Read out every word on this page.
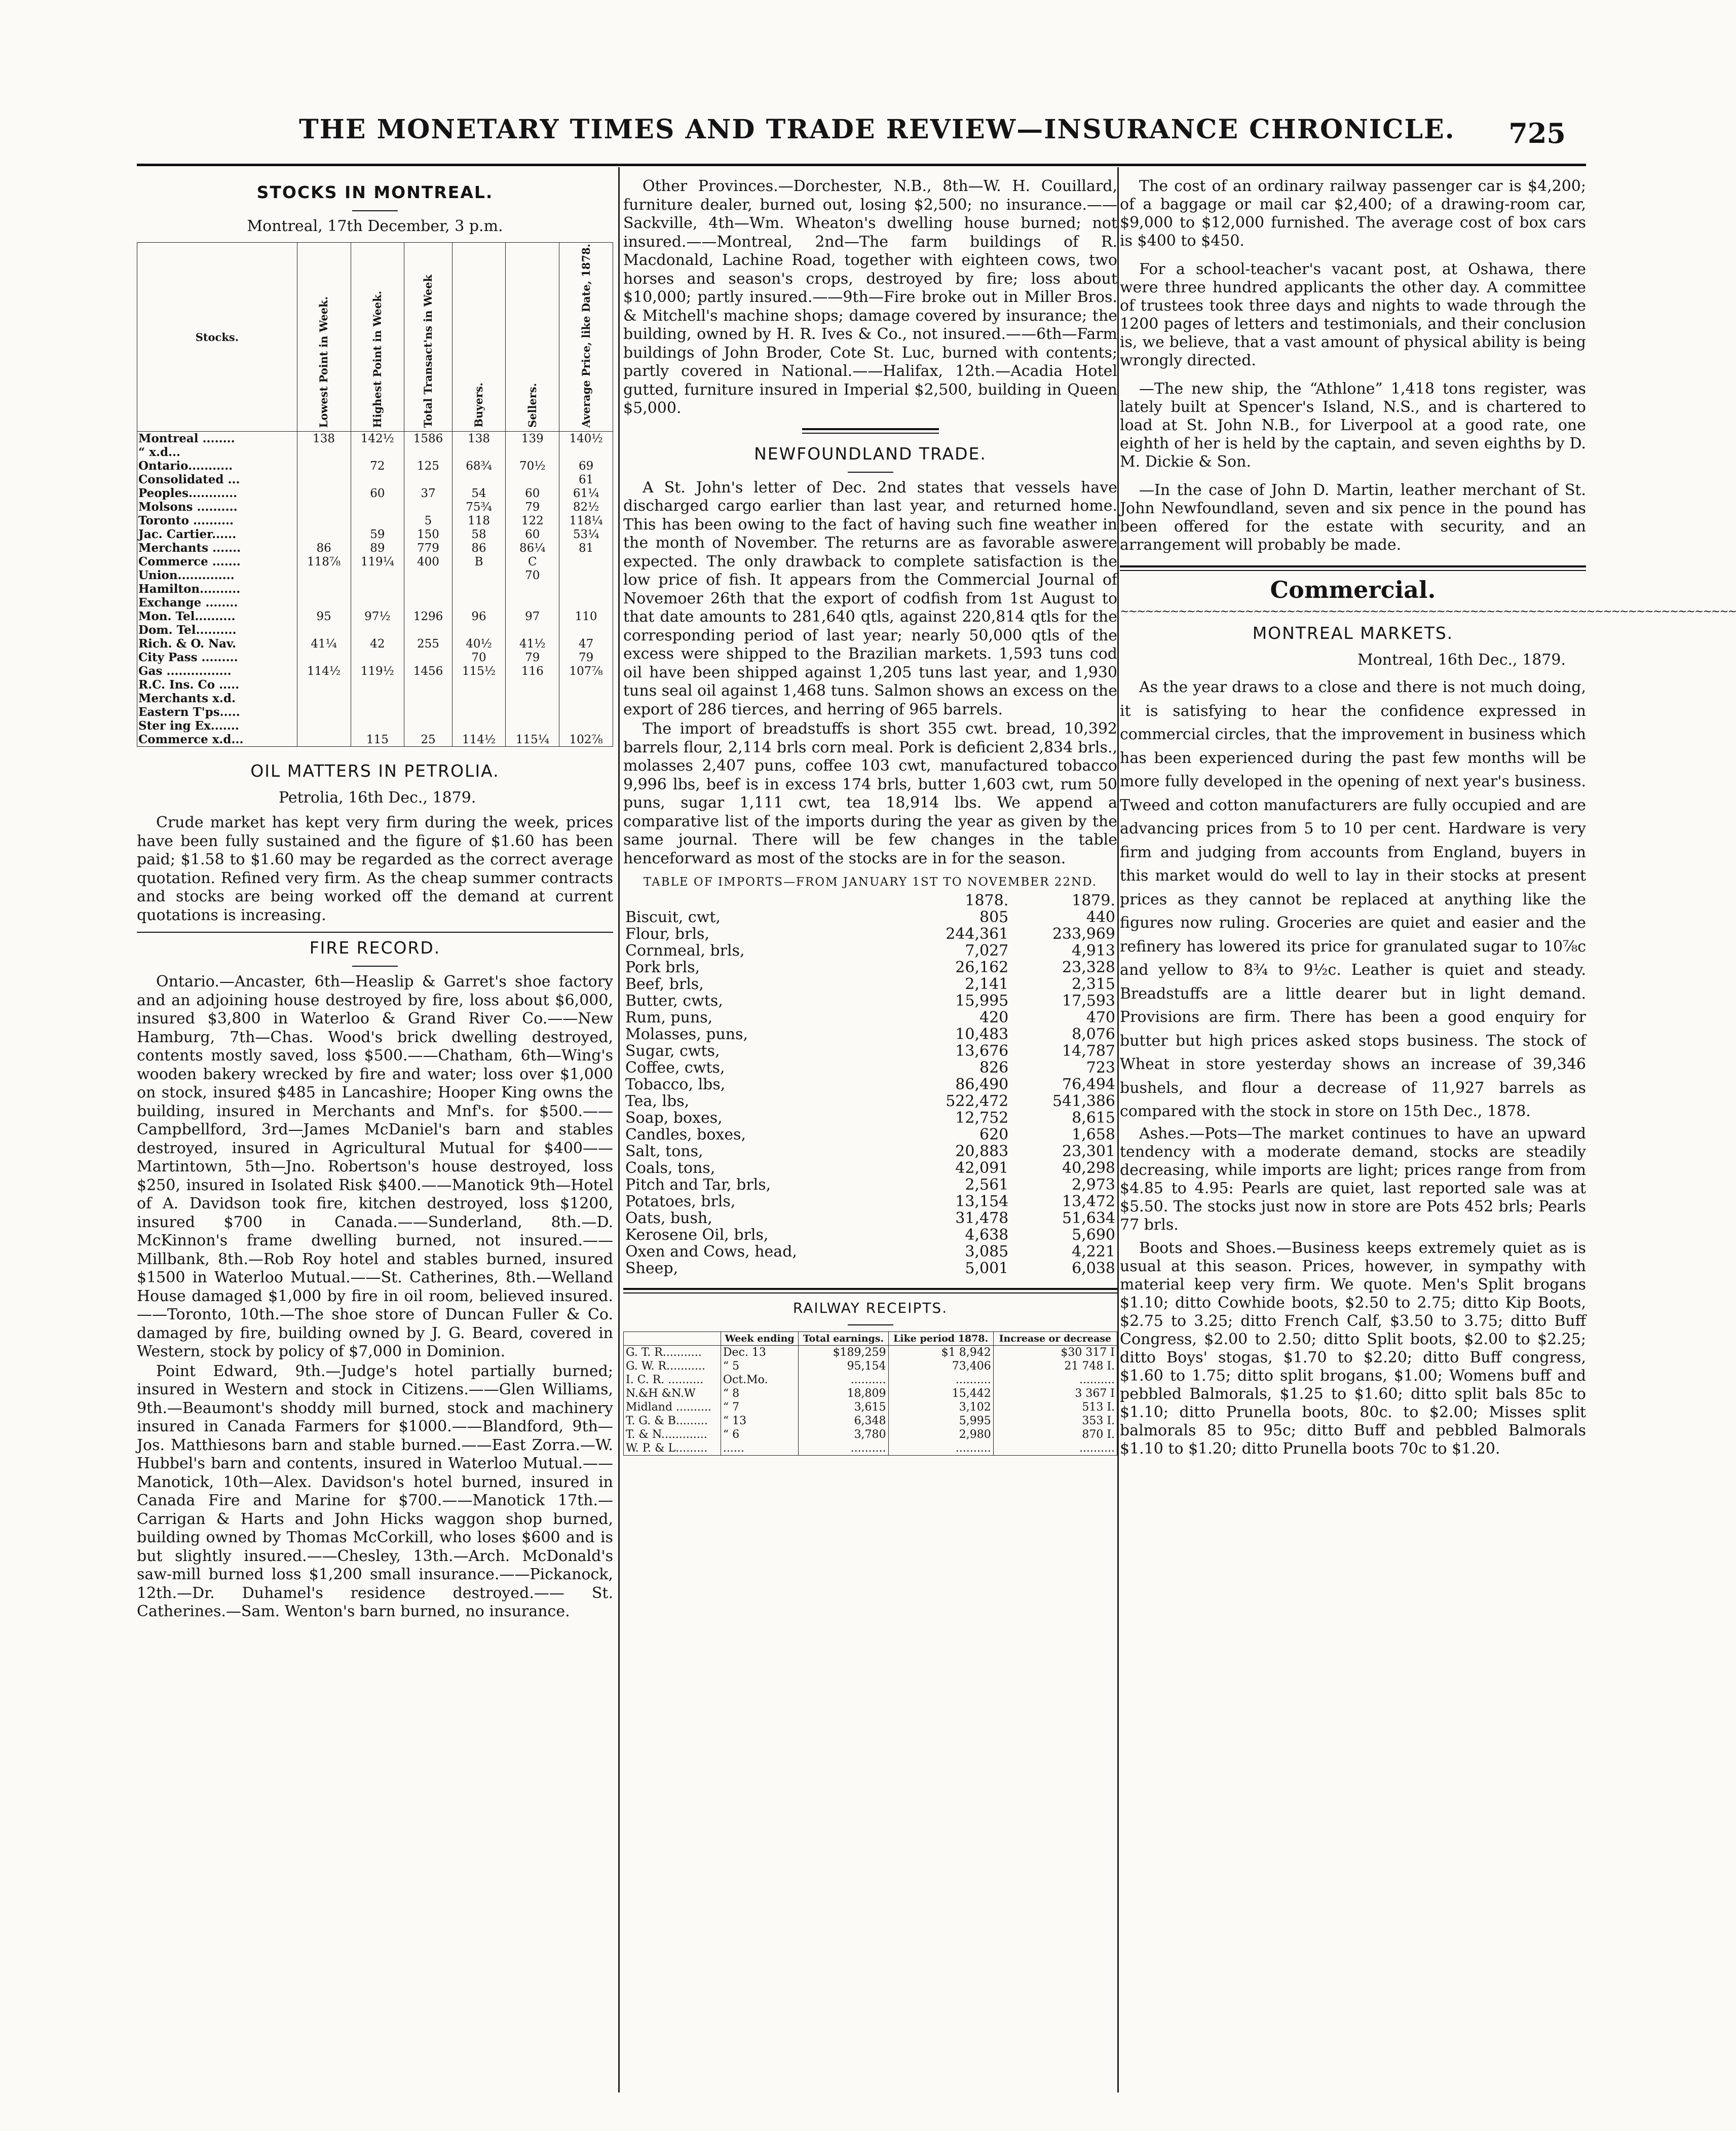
THE MONETARY TIMES AND TRADE REVIEW—INSURANCE CHRONICLE. 725
STOCKS IN MONTREAL.
Montreal, 17th December, 3 p.m.
Stocks.	Lowest Point in Week.	Highest Point in Week.	Total Transact'ns in Week	Buyers.	Sellers.	Average Price, like Date, 1878.
Montreal ........	138	142½	1586	138	139	140½
“ x.d...						
Ontario...........		72	125	68¾	70½	69
Consolidated ...						61
Peoples............		60	37	54	60	61¼
Molsons ..........				75¾	79	82½
Toronto ..........			5	118	122	118¼
Jac. Cartier......		59	150	58	60	53¼
Merchants .......	86	89	779	86	86¼	81
Commerce .......	118⅞	119¼	400	B	C	
Union..............					70	
Hamilton..........						
Exchange ........						
Mon. Tel..........	95	97½	1296	96	97	110
Dom. Tel..........						
Rich. & O. Nav.	41¼	42	255	40½	41½	47
City Pass .........				70	79	79
Gas ................	114½	119½	1456	115½	116	107⅞
R.C. Ins. Co .....						
Merchants x.d.						
Eastern T'ps.....						
Ster ing Ex.......						
Commerce x.d...		115	25	114½	115¼	102⅞
OIL MATTERS IN PETROLIA.
Petrolia, 16th Dec., 1879.

Crude market has kept very firm during the week, prices have been fully sustained and the figure of $1.60 has been paid; $1.58 to $1.60 may be regarded as the correct average quotation. Refined very firm. As the cheap summer contracts and stocks are being worked off the demand at current quotations is increasing.

FIRE RECORD.

Ontario.—Ancaster, 6th—Heaslip & Garret's shoe factory and an adjoining house destroyed by fire, loss about $6,000, insured $3,800 in Waterloo & Grand River Co.——New Hamburg, 7th—Chas. Wood's brick dwelling destroyed, contents mostly saved, loss $500.——Chatham, 6th—Wing's wooden bakery wrecked by fire and water; loss over $1,000 on stock, insured $485 in Lancashire; Hooper King owns the building, insured in Merchants and Mnf's. for $500.——Campbellford, 3rd—James McDaniel's barn and stables destroyed, insured in Agricultural Mutual for $400——Martintown, 5th—Jno. Robertson's house destroyed, loss $250, insured in Isolated Risk $400.——Manotick 9th—Hotel of A. Davidson took fire, kitchen destroyed, loss $1200, insured $700 in Canada.——Sunderland, 8th.—D. McKinnon's frame dwelling burned, not insured.——Millbank, 8th.—Rob Roy hotel and stables burned, insured $1500 in Waterloo Mutual.——St. Catherines, 8th.—Welland House damaged $1,000 by fire in oil room, believed insured.——Toronto, 10th.—The shoe store of Duncan Fuller & Co. damaged by fire, building owned by J. G. Beard, covered in Western, stock by policy of $7,000 in Dominion.

Point Edward, 9th.—Judge's hotel partially burned; insured in Western and stock in Citizens.——Glen Williams, 9th.—Beaumont's shoddy mill burned, stock and machinery insured in Canada Farmers for $1000.——Blandford, 9th—Jos. Matthiesons barn and stable burned.——East Zorra.—W. Hubbel's barn and contents, insured in Waterloo Mutual.——Manotick, 10th—Alex. Davidson's hotel burned, insured in Canada Fire and Marine for $700.——Manotick 17th.—Carrigan & Harts and John Hicks waggon shop burned, building owned by Thomas McCorkill, who loses $600 and is but slightly insured.——Chesley, 13th.—Arch. McDonald's saw-mill burned loss $1,200 small insurance.——Pickanock, 12th.—Dr. Duhamel's residence destroyed.—— St. Catherines.—Sam. Wenton's barn burned, no insurance.

Other Provinces.—Dorchester, N.B., 8th—W. H. Couillard, furniture dealer, burned out, losing $2,500; no insurance.——Sackville, 4th—Wm. Wheaton's dwelling house burned; not insured.——Montreal, 2nd—The farm buildings of R. Macdonald, Lachine Road, together with eighteen cows, two horses and season's crops, destroyed by fire; loss about $10,000; partly insured.——9th—Fire broke out in Miller Bros. & Mitchell's machine shops; damage covered by insurance; the building, owned by H. R. Ives & Co., not insured.——6th—Farm buildings of John Broder, Cote St. Luc, burned with contents; partly covered in National.——Halifax, 12th.—Acadia Hotel gutted, furniture insured in Imperial $2,500, building in Queen $5,000.

NEWFOUNDLAND TRADE.

A St. John's letter of Dec. 2nd states that vessels have discharged cargo earlier than last year, and returned home. This has been owing to the fact of having such fine weather in the month of November. The returns are as favorable aswere expected. The only drawback to complete satisfaction is the low price of fish. It appears from the Commercial Journal of Novemoer 26th that the export of codfish from 1st August to that date amounts to 281,640 qtls, against 220,814 qtls for the corresponding period of last year; nearly 50,000 qtls of the excess were shipped to the Brazilian markets. 1,593 tuns cod oil have been shipped against 1,205 tuns last year, and 1,930 tuns seal oil against 1,468 tuns. Salmon shows an excess on the export of 286 tierces, and herring of 965 barrels.

The import of breadstuffs is short 355 cwt. bread, 10,392 barrels flour, 2,114 brls corn meal. Pork is deficient 2,834 brls., molasses 2,407 puns, coffee 103 cwt, manufactured tobacco 9,996 lbs, beef is in excess 174 brls, butter 1,603 cwt, rum 50 puns, sugar 1,111 cwt, tea 18,914 lbs. We append a comparative list of the imports during the year as given by the same journal. There will be few changes in the table henceforward as most of the stocks are in for the season.

TABLE OF IMPORTS—FROM JANUARY 1ST TO NOVEMBER 22ND.
	1878.	1879.
Biscuit, cwt,	805	440
Flour, brls,	244,361	233,969
Cornmeal, brls,	7,027	4,913
Pork brls,	26,162	23,328
Beef, brls,	2,141	2,315
Butter, cwts,	15,995	17,593
Rum, puns,	420	470
Molasses, puns,	10,483	8,076
Sugar, cwts,	13,676	14,787
Coffee, cwts,	826	723
Tobacco, lbs,	86,490	76,494
Tea, lbs,	522,472	541,386
Soap, boxes,	12,752	8,615
Candles, boxes,	620	1,658
Salt, tons,	20,883	23,301
Coals, tons,	42,091	40,298
Pitch and Tar, brls,	2,561	2,973
Potatoes, brls,	13,154	13,472
Oats, bush,	31,478	51,634
Kerosene Oil, brls,	4,638	5,690
Oxen and Cows, head,	3,085	4,221
Sheep,	5,001	6,038
RAILWAY RECEIPTS.
	Week ending	Total earnings.	Like period 1878.	Increase or decrease
G. T. R...........	Dec. 13	$189,259	$1 8,942	$30 317 I
G. W. R...........	“ 5	95,154	73,406	21 748 I.
I. C. R. ..........	Oct.Mo.	..........	..........	..........
N.&H &N.W	“ 8	18,809	15,442	3 367 I
Midland ..........	“ 7	3,615	3,102	513 I.
T. G. & B.........	“ 13	6,348	5,995	353 I.
T. & N.............	“ 6	3,780	2,980	870 I.
W. P. & L.........	......	..........	..........	..........

The cost of an ordinary railway passenger car is $4,200; of a baggage or mail car $2,400; of a drawing-room car, $9,000 to $12,000 furnished. The average cost of box cars is $400 to $450.

For a school-teacher's vacant post, at Oshawa, there were three hundred applicants the other day. A committee of trustees took three days and nights to wade through the 1200 pages of letters and testimonials, and their conclusion is, we believe, that a vast amount of physical ability is being wrongly directed.

—The new ship, the “Athlone” 1,418 tons register, was lately built at Spencer's Island, N.S., and is chartered to load at St. John N.B., for Liverpool at a good rate, one eighth of her is held by the captain, and seven eighths by D. M. Dickie & Son.

—In the case of John D. Martin, leather merchant of St. John Newfoundland, seven and six pence in the pound has been offered for the estate with security, and an arrangement will probably be made.

Commercial.
~~~~~~~~~~~~~~~~~~~~~~~~~~~~~~~~~~~~~~~~~~~~~~~~~~~~~~~~~~~~~~~~~~~~~~~~~~
MONTREAL MARKETS.
Montreal, 16th Dec., 1879.

As the year draws to a close and there is not much doing, it is satisfying to hear the confidence expressed in commercial circles, that the improvement in business which has been experienced during the past few months will be more fully developed in the opening of next year's business. Tweed and cotton manufacturers are fully occupied and are advancing prices from 5 to 10 per cent. Hardware is very firm and judging from accounts from England, buyers in this market would do well to lay in their stocks at present prices as they cannot be replaced at anything like the figures now ruling. Groceries are quiet and easier and the refinery has lowered its price for granulated sugar to 10⅞c and yellow to 8¾ to 9½c. Leather is quiet and steady. Breadstuffs are a little dearer but in light demand. Provisions are firm. There has been a good enquiry for butter but high prices asked stops business. The stock of Wheat in store yesterday shows an increase of 39,346 bushels, and flour a decrease of 11,927 barrels as compared with the stock in store on 15th Dec., 1878.

Ashes.—Pots—The market continues to have an upward tendency with a moderate demand, stocks are steadily decreasing, while imports are light; prices range from from $4.85 to 4.95: Pearls are quiet, last reported sale was at $5.50. The stocks just now in store are Pots 452 brls; Pearls 77 brls.

Boots and Shoes.—Business keeps extremely quiet as is usual at this season. Prices, however, in sympathy with material keep very firm. We quote. Men's Split brogans $1.10; ditto Cowhide boots, $2.50 to 2.75; ditto Kip Boots, $2.75 to 3.25; ditto French Calf, $3.50 to 3.75; ditto Buff Congress, $2.00 to 2.50; ditto Split boots, $2.00 to $2.25; ditto Boys' stogas, $1.70 to $2.20; ditto Buff congress, $1.60 to 1.75; ditto split brogans, $1.00; Womens buff and pebbled Balmorals, $1.25 to $1.60; ditto split bals 85c to $1.10; ditto Prunella boots, 80c. to $2.00; Misses split balmorals 85 to 95c; ditto Buff and pebbled Balmorals $1.10 to $1.20; ditto Prunella boots 70c to $1.20.
